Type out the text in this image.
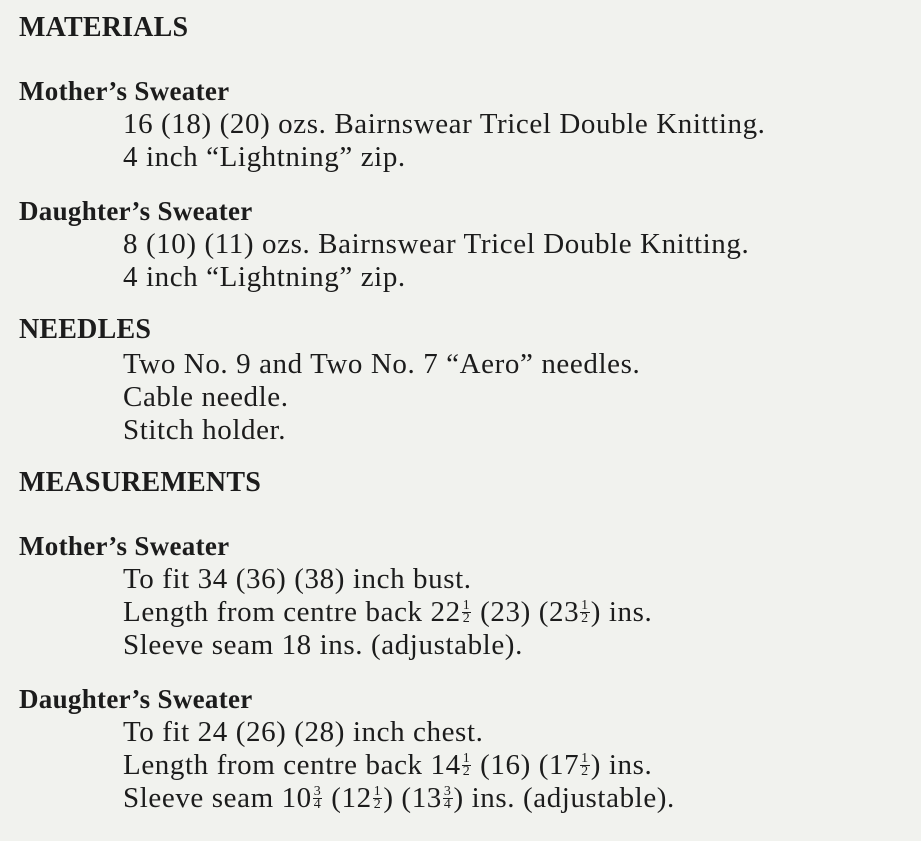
MATERIALS
Mother’s Sweater

16 (18) (20) ozs. Bairnswear Tricel Double Knitting.

4 inch “Lightning” zip.

Daughter’s Sweater

8 (10) (11) ozs. Bairnswear Tricel Double Knitting.

4 inch “Lightning” zip.

NEEDLES

Two No. 9 and Two No. 7 “Aero” needles.

Cable needle.

Stitch holder.

MEASUREMENTS
Mother’s Sweater

To fit 34 (36) (38) inch bust.

Length from centre back $22 \frac{1}{2} (23)$ ($23 \frac{1}{2}$ ) ins.

Sleeve seam 18 ins. (adjustable).

Daughter’s Sweater

To fit 24 (26) (28) inch chest.

Length from centre back $14 \frac{1}{2} (16)$ ($17 \frac{1}{2}$ ) ins.

Sleeve seam $10 \frac{3}{4} (12 \frac{1}{2}$ ) ($13 \frac{3}{4}$ ) ins. (adjustable).
